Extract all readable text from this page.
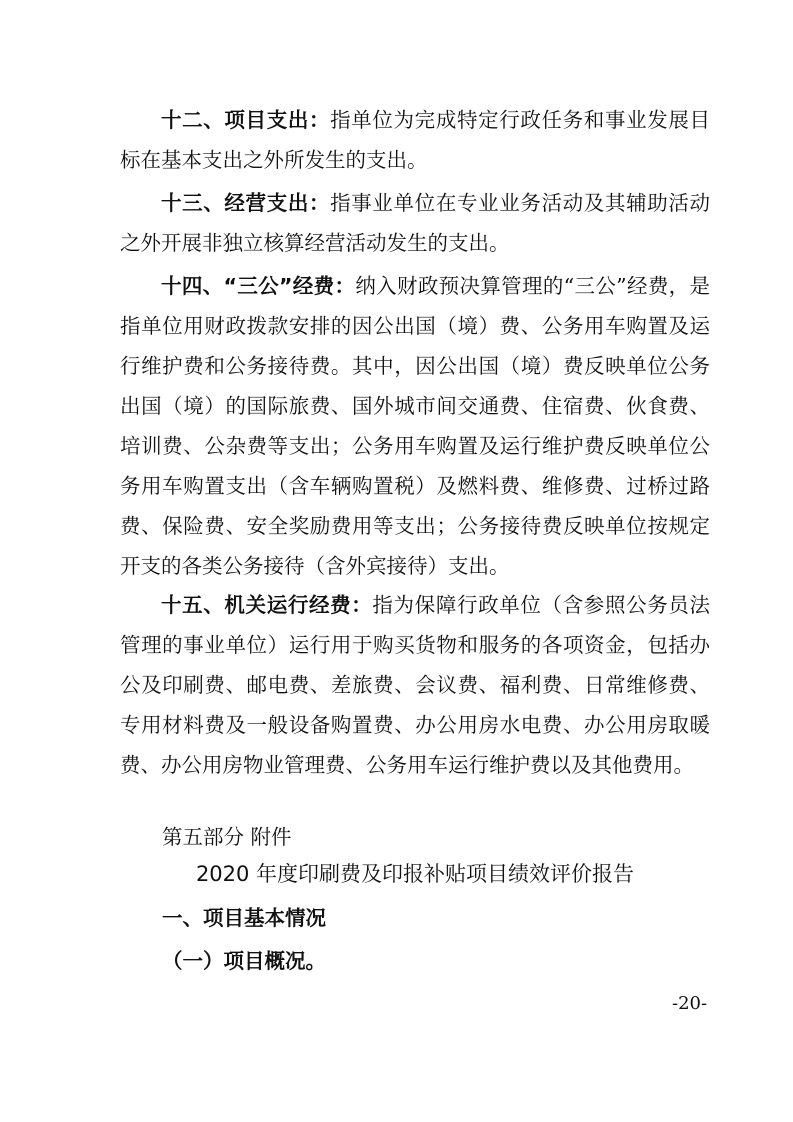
十二、项目支出：指单位为完成特定行政任务和事业发展目标在基本支出之外所发生的支出。

十三、经营支出：指事业单位在专业业务活动及其辅助活动之外开展非独立核算经营活动发生的支出。

十四、“三公”经费：纳入财政预决算管理的“三公”经费，是指单位用财政拨款安排的因公出国（境）费、公务用车购置及运行维护费和公务接待费。其中，因公出国（境）费反映单位公务出国（境）的国际旅费、国外城市间交通费、住宿费、伙食费、培训费、公杂费等支出；公务用车购置及运行维护费反映单位公务用车购置支出（含车辆购置税）及燃料费、维修费、过桥过路费、保险费、安全奖励费用等支出；公务接待费反映单位按规定开支的各类公务接待（含外宾接待）支出。

十五、机关运行经费：指为保障行政单位（含参照公务员法管理的事业单位）运行用于购买货物和服务的各项资金，包括办公及印刷费、邮电费、差旅费、会议费、福利费、日常维修费、专用材料费及一般设备购置费、办公用房水电费、办公用房取暖费、办公用房物业管理费、公务用车运行维护费以及其他费用。

第五部分 附件
2020 年度印刷费及印报补贴项目绩效评价报告
一、项目基本情况
（一）项目概况。
-20-
